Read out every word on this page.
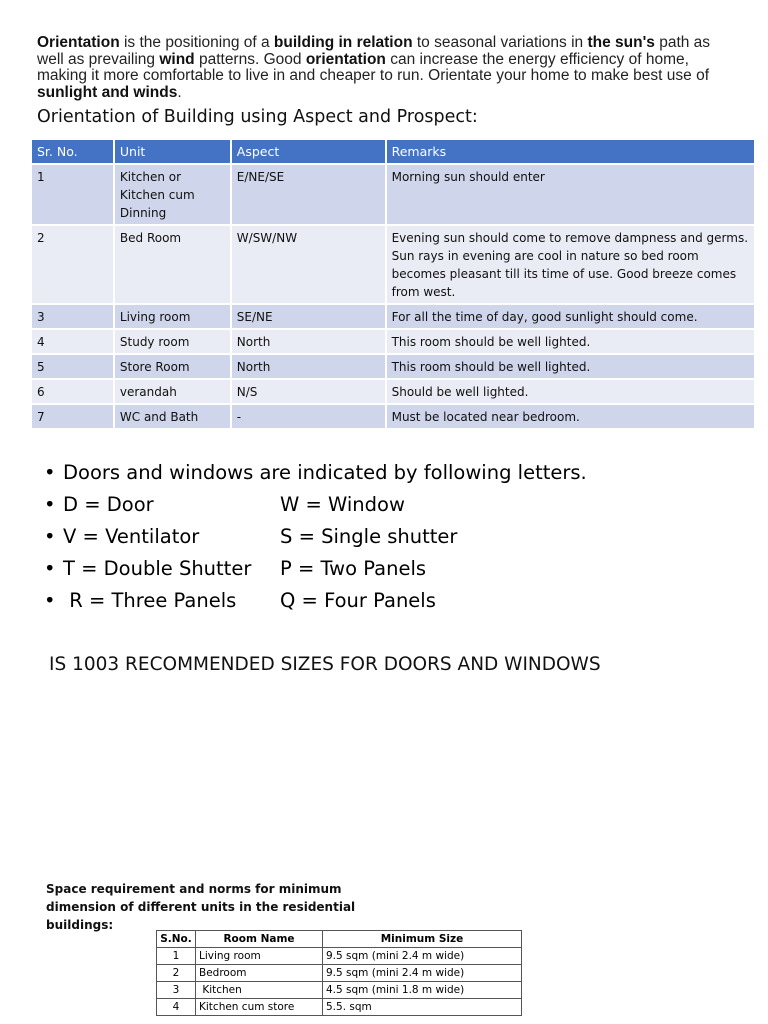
Orientation is the positioning of a building in relation to seasonal variations in the sun's path as well as prevailing wind patterns. Good orientation can increase the energy efficiency of home, making it more comfortable to live in and cheaper to run. Orientate your home to make best use of sunlight and winds.
Orientation of Building using Aspect and Prospect:
Sr. No.	Unit	Aspect	Remarks
1	Kitchen or Kitchen cum Dinning	E/NE/SE	Morning sun should enter
2	Bed Room	W/SW/NW	Evening sun should come to remove dampness and germs. Sun rays in evening are cool in nature so bed room becomes pleasant till its time of use. Good breeze comes from west.
3	Living room	SE/NE	For all the time of day, good sunlight should come.
4	Study room	North	This room should be well lighted.
5	Store Room	North	This room should be well lighted.
6	verandah	N/S	Should be well lighted.
7	WC and Bath	-	Must be located near bedroom.
• Doors and windows are indicated by following letters.
• D = Door	W = Window
• V = Ventilator	S = Single shutter
• T = Double Shutter P = Two Panels
• R = Three Panels Q = Four Panels
IS 1003 RECOMMENDED SIZES FOR DOORS AND WINDOWS
Space requirement and norms for minimum dimension of different units in the residential buildings:
S.No.	Room Name	Minimum Size
1	Living room	9.5 sqm (mini 2.4 m wide)
2	Bedroom	9.5 sqm (mini 2.4 m wide)
3	Kitchen	4.5 sqm (mini 1.8 m wide)
4	Kitchen cum store	5.5. sqm
